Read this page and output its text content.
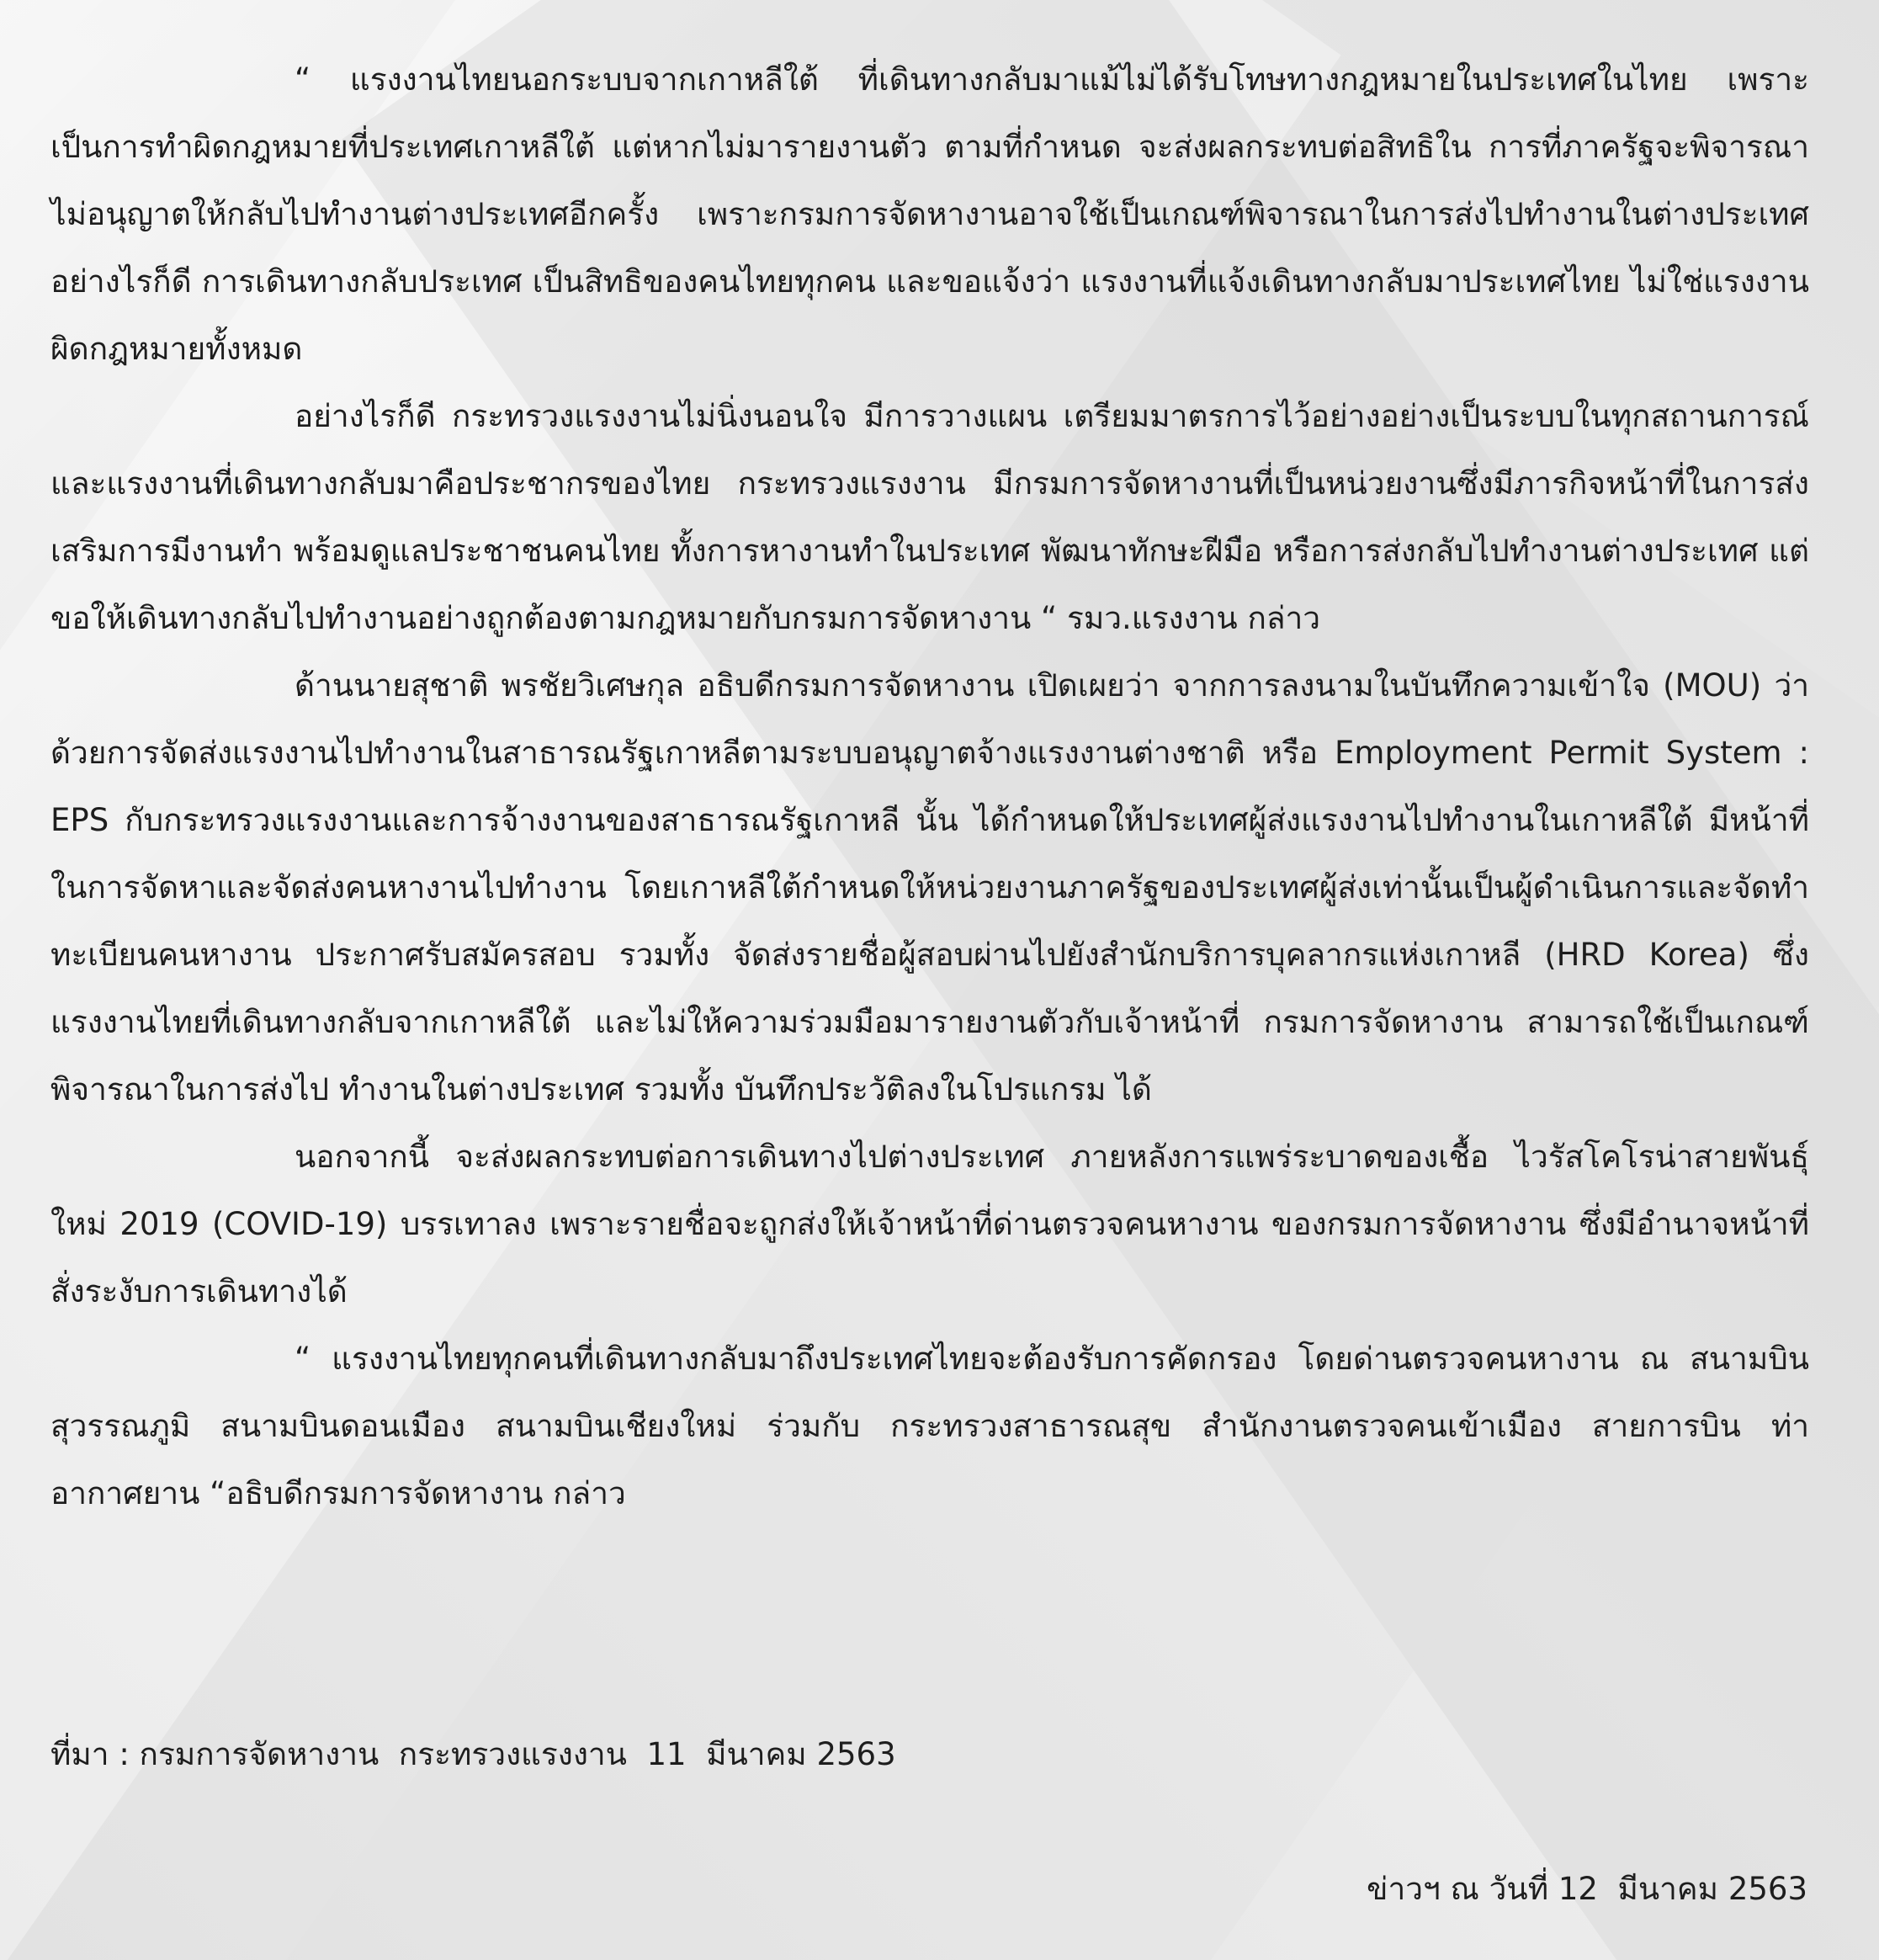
“ แรงงานไทยนอกระบบจากเกาหลีใต้ ที่เดินทางกลับมาแม้ไม่ได้รับโทษทางกฎหมายในประเทศในไทย เพราะเป็นการทำผิดกฎหมายที่ประเทศเกาหลีใต้ แต่หากไม่มารายงานตัว ตามที่กำหนด จะส่งผลกระทบต่อสิทธิใน การที่ภาครัฐจะพิจารณา ไม่อนุญาตให้กลับไปทำงานต่างประเทศอีกครั้ง เพราะกรมการจัดหางานอาจใช้เป็นเกณฑ์พิจารณาในการส่งไปทำงานในต่างประเทศ อย่างไรก็ดี การเดินทางกลับประเทศ เป็นสิทธิของคนไทยทุกคน และขอแจ้งว่า แรงงานที่แจ้งเดินทางกลับมาประเทศไทย ไม่ใช่แรงงานผิดกฎหมายทั้งหมด

อย่างไรก็ดี กระทรวงแรงงานไม่นิ่งนอนใจ มีการวางแผน เตรียมมาตรการไว้อย่างอย่างเป็นระบบในทุกสถานการณ์ และแรงงานที่เดินทางกลับมาคือประชากรของไทย กระทรวงแรงงาน มีกรมการจัดหางานที่เป็นหน่วยงานซึ่งมีภารกิจหน้าที่ในการส่งเสริมการมีงานทำ พร้อมดูแลประชาชนคนไทย ทั้งการหางานทำในประเทศ พัฒนาทักษะฝีมือ หรือการส่งกลับไปทำงานต่างประเทศ แต่ขอให้เดินทางกลับไปทำงานอย่างถูกต้องตามกฎหมายกับกรมการจัดหางาน “ รมว.แรงงาน กล่าว

ด้านนายสุชาติ พรชัยวิเศษกุล อธิบดีกรมการจัดหางาน เปิดเผยว่า จากการลงนามในบันทึกความเข้าใจ (MOU) ว่าด้วยการจัดส่งแรงงานไปทำงานในสาธารณรัฐเกาหลีตามระบบอนุญาตจ้างแรงงานต่างชาติ หรือ Employment Permit System : EPS กับกระทรวงแรงงานและการจ้างงานของสาธารณรัฐเกาหลี นั้น ได้กำหนดให้ประเทศผู้ส่งแรงงานไปทำงานในเกาหลีใต้ มีหน้าที่ในการจัดหาและจัดส่งคนหางานไปทำงาน โดยเกาหลีใต้กำหนดให้หน่วยงานภาครัฐของประเทศผู้ส่งเท่านั้นเป็นผู้ดำเนินการและจัดทำทะเบียนคนหางาน ประกาศรับสมัครสอบ รวมทั้ง จัดส่งรายชื่อผู้สอบผ่านไปยังสำนักบริการบุคลากรแห่งเกาหลี (HRD Korea) ซึ่งแรงงานไทยที่เดินทางกลับจากเกาหลีใต้ และไม่ให้ความร่วมมือมารายงานตัวกับเจ้าหน้าที่ กรมการจัดหางาน สามารถใช้เป็นเกณฑ์พิจารณาในการส่งไป ทำงานในต่างประเทศ รวมทั้ง บันทึกประวัติลงในโปรแกรม ได้

นอกจากนี้ จะส่งผลกระทบต่อการเดินทางไปต่างประเทศ ภายหลังการแพร่ระบาดของเชื้อ ไวรัสโคโรน่าสายพันธุ์ใหม่ 2019 (COVID-19) บรรเทาลง เพราะรายชื่อจะถูกส่งให้เจ้าหน้าที่ด่านตรวจคนหางาน ของกรมการจัดหางาน ซึ่งมีอำนาจหน้าที่สั่งระงับการเดินทางได้

“ แรงงานไทยทุกคนที่เดินทางกลับมาถึงประเทศไทยจะต้องรับการคัดกรอง โดยด่านตรวจคนหางาน ณ สนามบินสุวรรณภูมิ สนามบินดอนเมือง สนามบินเชียงใหม่ ร่วมกับ กระทรวงสาธารณสุข สำนักงานตรวจคนเข้าเมือง สายการบิน ท่าอากาศยาน “อธิบดีกรมการจัดหางาน กล่าว

ที่มา : กรมการจัดหางาน  กระทรวงแรงงาน  11  มีนาคม 2563

ข่าวฯ ณ วันที่ 12  มีนาคม 2563
